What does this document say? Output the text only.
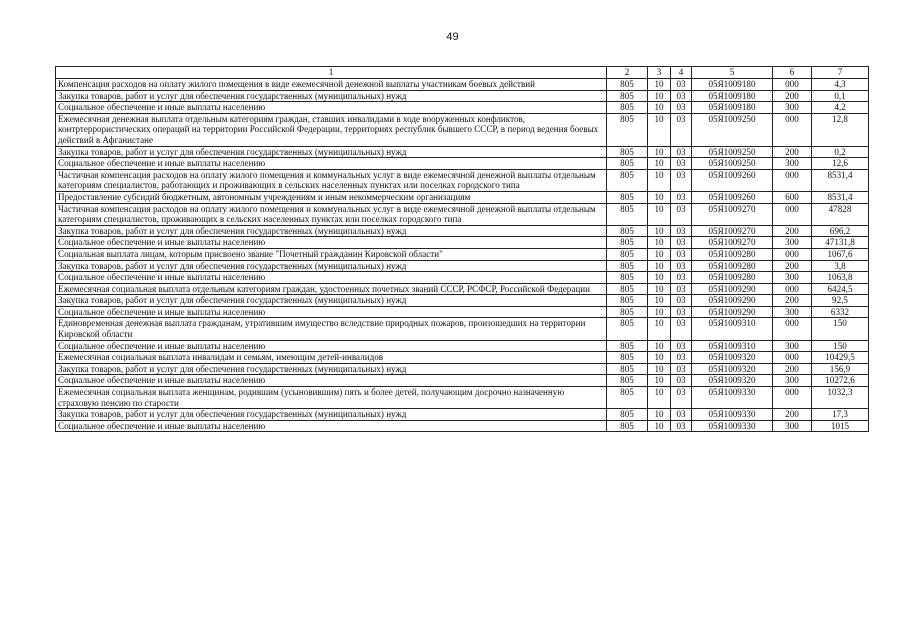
49
1	2	3	4	5	6	7
Компенсация расходов на оплату жилого помещения в виде ежемесячной денежной выплаты участникам боевых действий	805	10	03	05Я1009180	000	4,3
Закупка товаров, работ и услуг для обеспечения государственных (муниципальных) нужд	805	10	03	05Я1009180	200	0,1
Социальное обеспечение и иные выплаты населению	805	10	03	05Я1009180	300	4,2
Ежемесячная денежная выплата отдельным категориям граждан, ставших инвалидами в ходе вооруженных конфликтов, контртеррористических операций на территории Российской Федерации, территориях республик бывшего СССР, в период ведения боевых действий в Афганистане	805	10	03	05Я1009250	000	12,8
Закупка товаров, работ и услуг для обеспечения государственных (муниципальных) нужд	805	10	03	05Я1009250	200	0,2
Социальное обеспечение и иные выплаты населению	805	10	03	05Я1009250	300	12,6
Частичная компенсация расходов на оплату жилого помещения и коммунальных услуг в виде ежемесячной денежной выплаты отдельным категориям специалистов, работающих и проживающих в сельских населенных пунктах или поселках городского типа	805	10	03	05Я1009260	000	8531,4
Предоставление субсидий бюджетным, автономным учреждениям и иным некоммерческим организациям	805	10	03	05Я1009260	600	8531,4
Частичная компенсация расходов на оплату жилого помещения и коммунальных услуг в виде ежемесячной денежной выплаты отдельным категориям специалистов, проживающих в сельских населенных пунктах или поселках городского типа	805	10	03	05Я1009270	000	47828
Закупка товаров, работ и услуг для обеспечения государственных (муниципальных) нужд	805	10	03	05Я1009270	200	696,2
Социальное обеспечение и иные выплаты населению	805	10	03	05Я1009270	300	47131,8
Социальная выплата лицам, которым присвоено звание "Почетный гражданин Кировской области"	805	10	03	05Я1009280	000	1067,6
Закупка товаров, работ и услуг для обеспечения государственных (муниципальных) нужд	805	10	03	05Я1009280	200	3,8
Социальное обеспечение и иные выплаты населению	805	10	03	05Я1009280	300	1063,8
Ежемесячная социальная выплата отдельным категориям граждан, удостоенных почетных званий СССР, РСФСР, Российской Федерации	805	10	03	05Я1009290	000	6424,5
Закупка товаров, работ и услуг для обеспечения государственных (муниципальных) нужд	805	10	03	05Я1009290	200	92,5
Социальное обеспечение и иные выплаты населению	805	10	03	05Я1009290	300	6332
Единовременная денежная выплата гражданам, утратившим имущество вследствие природных пожаров, произошедших на территории Кировской области	805	10	03	05Я1009310	000	150
Социальное обеспечение и иные выплаты населению	805	10	03	05Я1009310	300	150
Ежемесячная социальная выплата инвалидам и семьям, имеющим детей-инвалидов	805	10	03	05Я1009320	000	10429,5
Закупка товаров, работ и услуг для обеспечения государственных (муниципальных) нужд	805	10	03	05Я1009320	200	156,9
Социальное обеспечение и иные выплаты населению	805	10	03	05Я1009320	300	10272,6
Ежемесячная социальная выплата женщинам, родившим (усыновившим) пять и более детей, получающим досрочно назначенную страховую пенсию по старости	805	10	03	05Я1009330	000	1032,3
Закупка товаров, работ и услуг для обеспечения государственных (муниципальных) нужд	805	10	03	05Я1009330	200	17,3
Социальное обеспечение и иные выплаты населению	805	10	03	05Я1009330	300	1015
